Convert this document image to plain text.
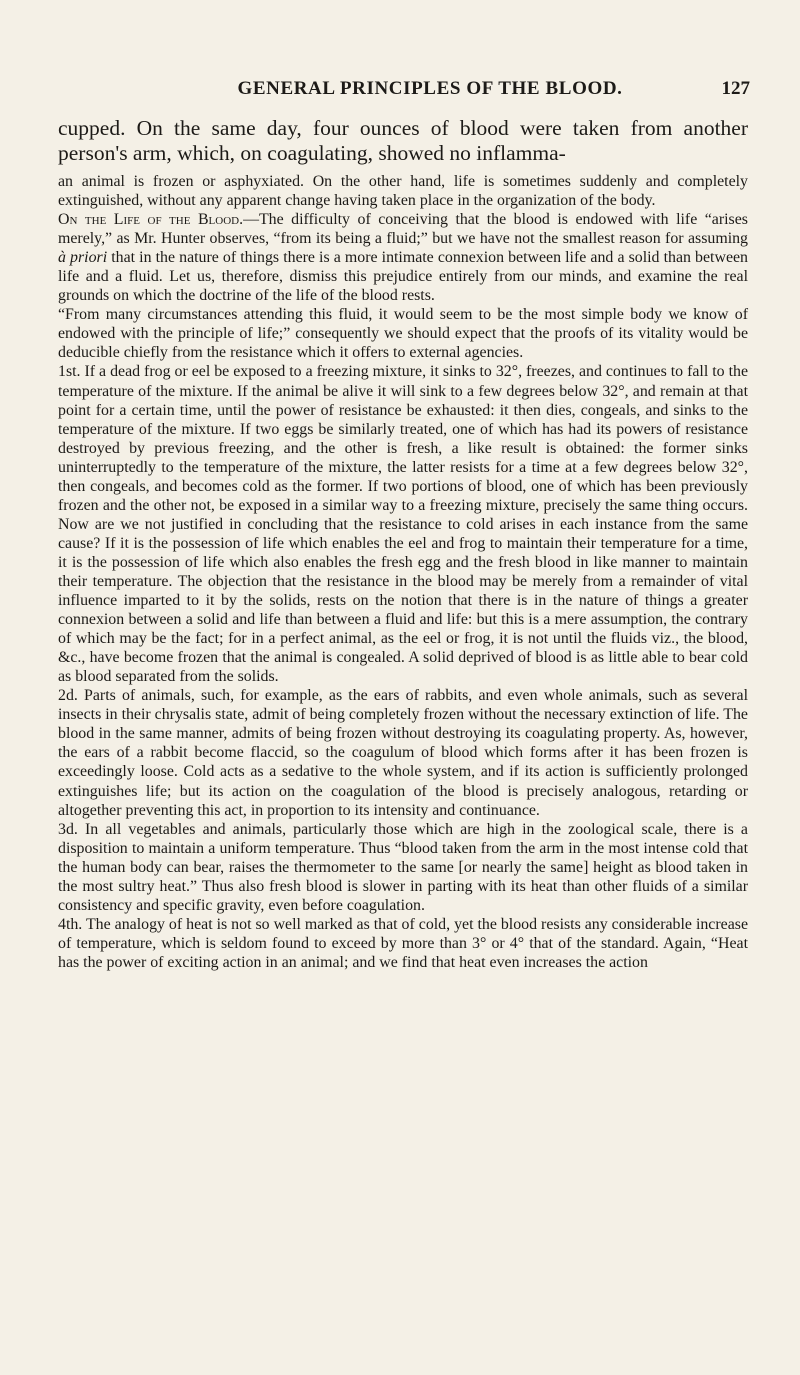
GENERAL PRINCIPLES OF THE BLOOD.	127
cupped. On the same day, four ounces of blood were taken from another person's arm, which, on coagulating, showed no inflamma-

an animal is frozen or asphyxiated. On the other hand, life is sometimes suddenly and completely extinguished, without any apparent change having taken place in the organization of the body.

On the Life of the Blood.—The difficulty of conceiving that the blood is endowed with life “arises merely,” as Mr. Hunter observes, “from its being a fluid;” but we have not the smallest reason for assuming à priori that in the nature of things there is a more intimate connexion between life and a solid than between life and a fluid. Let us, therefore, dismiss this prejudice entirely from our minds, and examine the real grounds on which the doctrine of the life of the blood rests.

“From many circumstances attending this fluid, it would seem to be the most simple body we know of endowed with the principle of life;” consequently we should expect that the proofs of its vitality would be deducible chiefly from the resistance which it offers to external agencies.

1st. If a dead frog or eel be exposed to a freezing mixture, it sinks to 32°, freezes, and continues to fall to the temperature of the mixture. If the animal be alive it will sink to a few degrees below 32°, and remain at that point for a certain time, until the power of resistance be exhausted: it then dies, congeals, and sinks to the temperature of the mixture. If two eggs be similarly treated, one of which has had its powers of resistance destroyed by previous freezing, and the other is fresh, a like result is obtained: the former sinks uninterruptedly to the temperature of the mixture, the latter resists for a time at a few degrees below 32°, then congeals, and becomes cold as the former. If two portions of blood, one of which has been previously frozen and the other not, be exposed in a similar way to a freezing mixture, precisely the same thing occurs. Now are we not justified in concluding that the resistance to cold arises in each instance from the same cause? If it is the possession of life which enables the eel and frog to maintain their temperature for a time, it is the possession of life which also enables the fresh egg and the fresh blood in like manner to maintain their temperature. The objection that the resistance in the blood may be merely from a remainder of vital influence imparted to it by the solids, rests on the notion that there is in the nature of things a greater connexion between a solid and life than between a fluid and life: but this is a mere assumption, the contrary of which may be the fact; for in a perfect animal, as the eel or frog, it is not until the fluids viz., the blood, &c., have become frozen that the animal is congealed. A solid deprived of blood is as little able to bear cold as blood separated from the solids.

2d. Parts of animals, such, for example, as the ears of rabbits, and even whole animals, such as several insects in their chrysalis state, admit of being completely frozen without the necessary extinction of life. The blood in the same manner, admits of being frozen without destroying its coagulating property. As, however, the ears of a rabbit become flaccid, so the coagulum of blood which forms after it has been frozen is exceedingly loose. Cold acts as a sedative to the whole system, and if its action is sufficiently prolonged extinguishes life; but its action on the coagulation of the blood is precisely analogous, retarding or altogether preventing this act, in proportion to its intensity and continuance.

3d. In all vegetables and animals, particularly those which are high in the zoological scale, there is a disposition to maintain a uniform temperature. Thus “blood taken from the arm in the most intense cold that the human body can bear, raises the thermometer to the same [or nearly the same] height as blood taken in the most sultry heat.” Thus also fresh blood is slower in parting with its heat than other fluids of a similar consistency and specific gravity, even before coagulation.

4th. The analogy of heat is not so well marked as that of cold, yet the blood resists any considerable increase of temperature, which is seldom found to exceed by more than 3° or 4° that of the standard. Again, “Heat has the power of exciting action in an animal; and we find that heat even increases the action
